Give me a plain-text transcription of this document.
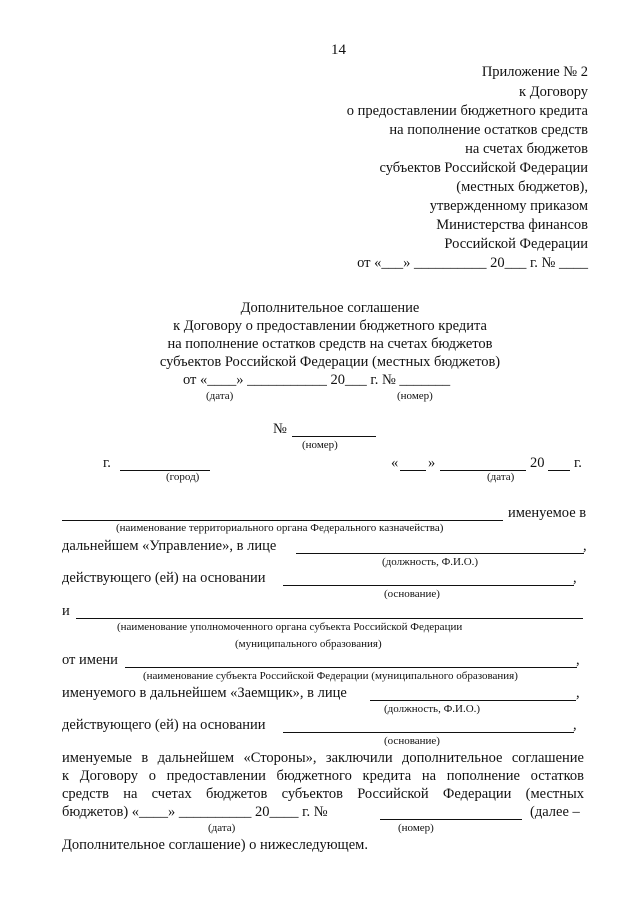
14
Приложение № 2
к Договору
о предоставлении бюджетного кредита
на пополнение остатков средств
на счетах бюджетов
субъектов Российской Федерации
(местных бюджетов),
утвержденному приказом
Министерства финансов
Российской Федерации
от «___» __________ 20___ г. № ____
Дополнительное соглашение
к Договору о предоставлении бюджетного кредита
на пополнение остатков средств на счетах бюджетов
субъектов Российской Федерации (местных бюджетов)
от «____» ___________ 20___ г. № _______
(дата)	(номер)
№
(номер)
г.
(город)
« »	20 г.
(дата)
именуемое в
(наименование территориального органа Федерального казначейства)
дальнейшем «Управление», в лице	,
(должность, Ф.И.О.)
действующего (ей) на основании	,
(основание)
и
(наименование уполномоченного органа субъекта Российской Федерации
(муниципального образования)
от имени	,
(наименование субъекта Российской Федерации (муниципального образования)
именуемого в дальнейшем «Заемщик», в лице	,
(должность, Ф.И.О.)
действующего (ей) на основании	,
(основание)
именуемые в дальнейшем «Стороны», заключили дополнительное соглашение
к Договору о предоставлении бюджетного кредита на пополнение остатков
средств на счетах бюджетов субъектов Российской Федерации (местных
бюджетов) «____» __________ 20____ г. №	(далее –
(дата)	(номер)
Дополнительное соглашение) о нижеследующем.
